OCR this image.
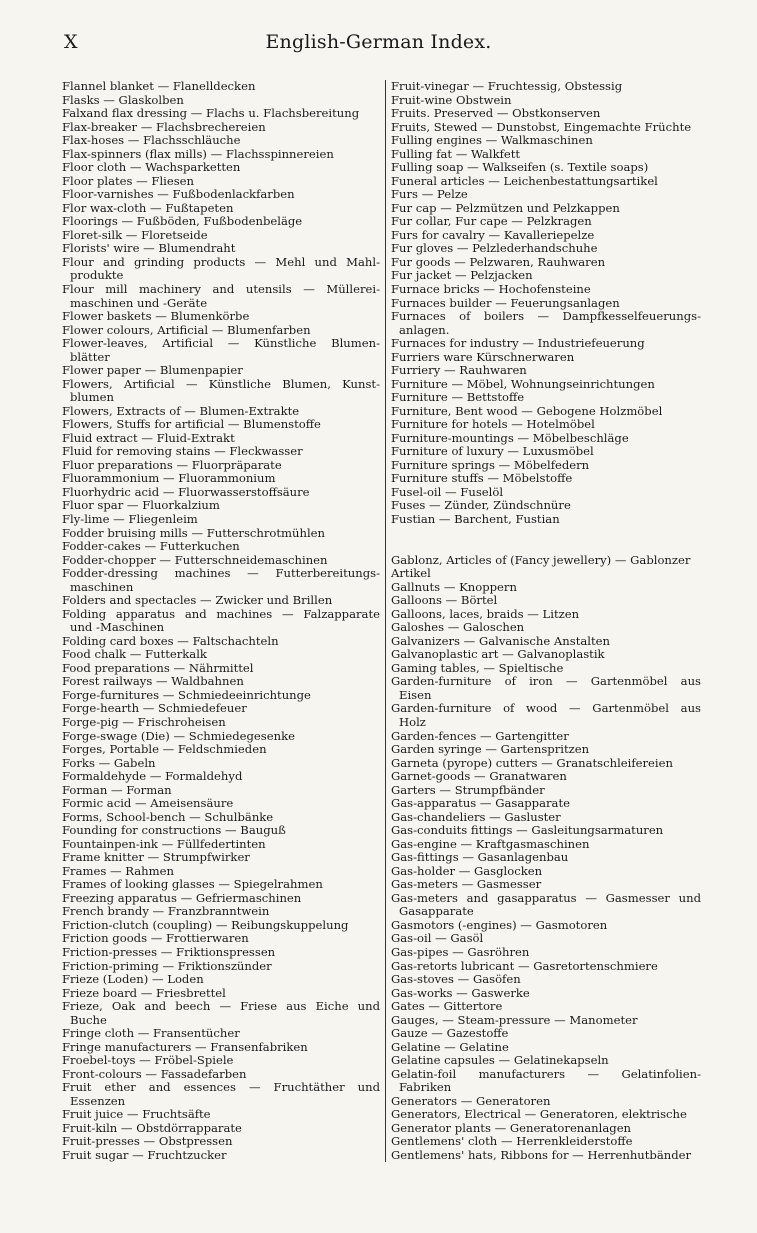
X	English-German Index.
Flannel blanket — Flanelldecken
Flasks — Glaskolben
Falxand flax dressing — Flachs u. Flachsbereitung
Flax-breaker — Flachsbrechereien
Flax-hoses — Flachsschläuche
Flax-spinners (flax mills) — Flachsspinnereien
Floor cloth — Wachsparketten
Floor plates — Fliesen
Floor-varnishes — Fußbodenlackfarben
Flor wax-cloth — Fußtapeten
Floorings — Fußböden, Fußbodenbeläge
Floret-silk — Floretseide
Florists' wire — Blumendraht
Flour and grinding products — Mehl und Mahl-
produkte
Flour mill machinery and utensils — Müllerei-
maschinen und -Geräte
Flower baskets — Blumenkörbe
Flower colours, Artificial — Blumenfarben
Flower-leaves, Artificial — Künstliche Blumen-
blätter
Flower paper — Blumenpapier
Flowers, Artificial — Künstliche Blumen, Kunst-
blumen
Flowers, Extracts of — Blumen-Extrakte
Flowers, Stuffs for artificial — Blumenstoffe
Fluid extract — Fluid-Extrakt
Fluid for removing stains — Fleckwasser
Fluor preparations — Fluorpräparate
Fluorammonium — Fluorammonium
Fluorhydric acid — Fluorwasserstoffsäure
Fluor spar — Fluorkalzium
Fly-lime — Fliegenleim
Fodder bruising mills — Futterschrotmühlen
Fodder-cakes — Futterkuchen
Fodder-chopper — Futterschneidemaschinen
Fodder-dressing machines — Futterbereitungs-
maschinen
Folders and spectacles — Zwicker und Brillen
Folding apparatus and machines — Falzapparate
und -Maschinen
Folding card boxes — Faltschachteln
Food chalk — Futterkalk
Food preparations — Nährmittel
Forest railways — Waldbahnen
Forge-furnitures — Schmiedeeinrichtunge
Forge-hearth — Schmiedefeuer
Forge-pig — Frischroheisen
Forge-swage (Die) — Schmiedegesenke
Forges, Portable — Feldschmieden
Forks — Gabeln
Formaldehyde — Formaldehyd
Forman — Forman
Formic acid — Ameisensäure
Forms, School-bench — Schulbänke
Founding for constructions — Bauguß
Fountainpen-ink — Füllfedertinten
Frame knitter — Strumpfwirker
Frames — Rahmen
Frames of looking glasses — Spiegelrahmen
Freezing apparatus — Gefriermaschinen
French brandy — Franzbranntwein
Friction-clutch (coupling) — Reibungskuppelung
Friction goods — Frottierwaren
Friction-presses — Friktionspressen
Friction-priming — Friktionszünder
Frieze (Loden) — Loden
Frieze board — Friesbrettel
Frieze, Oak and beech — Friese aus Eiche und
Buche
Fringe cloth — Fransentücher
Fringe manufacturers — Fransenfabriken
Froebel-toys — Fröbel-Spiele
Front-colours — Fassadefarben
Fruit ether and essences — Fruchtäther und
Essenzen
Fruit juice — Fruchtsäfte
Fruit-kiln — Obstdörrapparate
Fruit-presses — Obstpressen
Fruit sugar — Fruchtzucker
Fruit-vinegar — Fruchtessig, Obstessig
Fruit-wine Obstwein
Fruits. Preserved — Obstkonserven
Fruits, Stewed — Dunstobst, Eingemachte Früchte
Fulling engines — Walkmaschinen
Fulling fat — Walkfett
Fulling soap — Walkseifen (s. Textile soaps)
Funeral articles — Leichenbestattungsartikel
Furs — Pelze
Fur cap — Pelzmützen und Pelzkappen
Fur collar, Fur cape — Pelzkragen
Furs for cavalry — Kavalleriepelze
Fur gloves — Pelzlederhandschuhe
Fur goods — Pelzwaren, Rauhwaren
Fur jacket — Pelzjacken
Furnace bricks — Hochofensteine
Furnaces builder — Feuerungsanlagen
Furnaces of boilers — Dampfkesselfeuerungs-
anlagen.
Furnaces for industry — Industriefeuerung
Furriers ware Kürschnerwaren
Furriery — Rauhwaren
Furniture — Möbel, Wohnungseinrichtungen
Furniture — Bettstoffe
Furniture, Bent wood — Gebogene Holzmöbel
Furniture for hotels — Hotelmöbel
Furniture-mountings — Möbelbeschläge
Furniture of luxury — Luxusmöbel
Furniture springs — Möbelfedern
Furniture stuffs — Möbelstoffe
Fusel-oil — Fuselöl
Fuses — Zünder, Zündschnüre
Fustian — Barchent, Fustian
Gablonz, Articles of (Fancy jewellery) — Gablonzer
Artikel
Gallnuts — Knoppern
Galloons — Börtel
Galloons, laces, braids — Litzen
Galoshes — Galoschen
Galvanizers — Galvanische Anstalten
Galvanoplastic art — Galvanoplastik
Gaming tables, — Spieltische
Garden-furniture of iron — Gartenmöbel aus
Eisen
Garden-furniture of wood — Gartenmöbel aus
Holz
Garden-fences — Gartengitter
Garden syringe — Gartenspritzen
Garneta (pyrope) cutters — Granatschleifereien
Garnet-goods — Granatwaren
Garters — Strumpfbänder
Gas-apparatus — Gasapparate
Gas-chandeliers — Gasluster
Gas-conduits fittings — Gasleitungsarmaturen
Gas-engine — Kraftgasmaschinen
Gas-fittings — Gasanlagenbau
Gas-holder — Gasglocken
Gas-meters — Gasmesser
Gas-meters and gasapparatus — Gasmesser und
Gasapparate
Gasmotors (-engines) — Gasmotoren
Gas-oil — Gasöl
Gas-pipes — Gasröhren
Gas-retorts lubricant — Gasretortenschmiere
Gas-stoves — Gasöfen
Gas-works — Gaswerke
Gates — Gittertore
Gauges, — Steam-pressure — Manometer
Gauze — Gazestoffe
Gelatine — Gelatine
Gelatine capsules — Gelatinekapseln
Gelatin-foil manufacturers — Gelatinfolien-
Fabriken
Generators — Generatoren
Generators, Electrical — Generatoren, elektrische
Generator plants — Generatorenanlagen
Gentlemens' cloth — Herrenkleiderstoffe
Gentlemens' hats, Ribbons for — Herrenhutbänder
